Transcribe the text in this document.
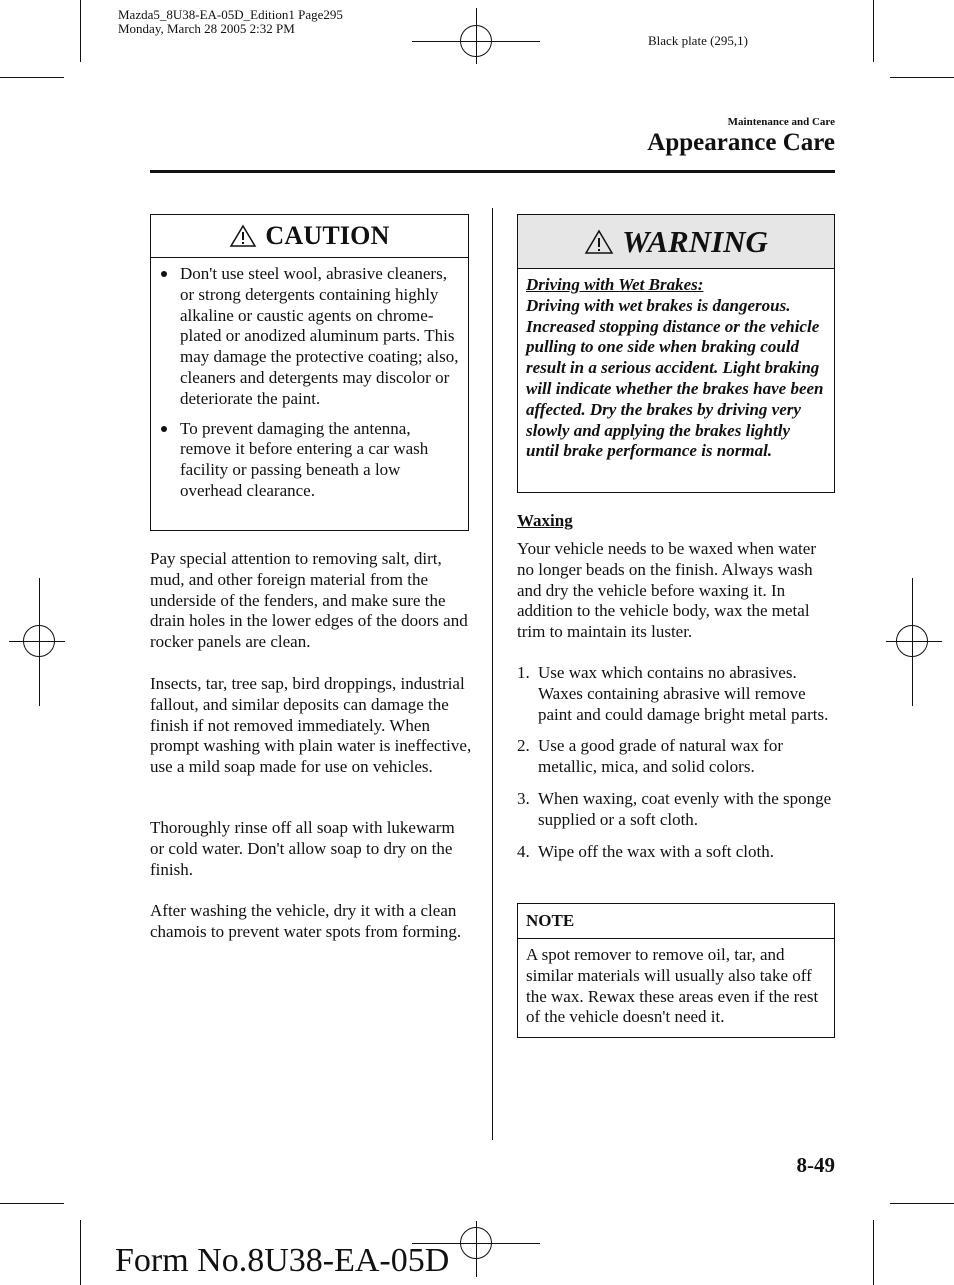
Mazda5_8U38-EA-05D_Edition1 Page295
Monday, March 28 2005 2:32 PM
Black plate (295,1)
Maintenance and Care
Appearance Care
CAUTION
Don't use steel wool, abrasive cleaners, or strong detergents containing highly alkaline or caustic agents on chrome-plated or anodized aluminum parts. This may damage the protective coating; also, cleaners and detergents may discolor or deteriorate the paint.
To prevent damaging the antenna, remove it before entering a car wash facility or passing beneath a low overhead clearance.
Pay special attention to removing salt, dirt, mud, and other foreign material from the underside of the fenders, and make sure the drain holes in the lower edges of the doors and rocker panels are clean.
Insects, tar, tree sap, bird droppings, industrial fallout, and similar deposits can damage the finish if not removed immediately. When prompt washing with plain water is ineffective, use a mild soap made for use on vehicles.
Thoroughly rinse off all soap with lukewarm or cold water. Don't allow soap to dry on the finish.
After washing the vehicle, dry it with a clean chamois to prevent water spots from forming.
WARNING
Driving with Wet Brakes:
Driving with wet brakes is dangerous. Increased stopping distance or the vehicle pulling to one side when braking could result in a serious accident. Light braking will indicate whether the brakes have been affected. Dry the brakes by driving very slowly and applying the brakes lightly until brake performance is normal.
Waxing
Your vehicle needs to be waxed when water no longer beads on the finish. Always wash and dry the vehicle before waxing it. In addition to the vehicle body, wax the metal trim to maintain its luster.
1. Use wax which contains no abrasives. Waxes containing abrasive will remove paint and could damage bright metal parts.
2. Use a good grade of natural wax for metallic, mica, and solid colors.
3. When waxing, coat evenly with the sponge supplied or a soft cloth.
4. Wipe off the wax with a soft cloth.
NOTE
A spot remover to remove oil, tar, and similar materials will usually also take off the wax. Rewax these areas even if the rest of the vehicle doesn't need it.
8-49
Form No.8U38-EA-05D
